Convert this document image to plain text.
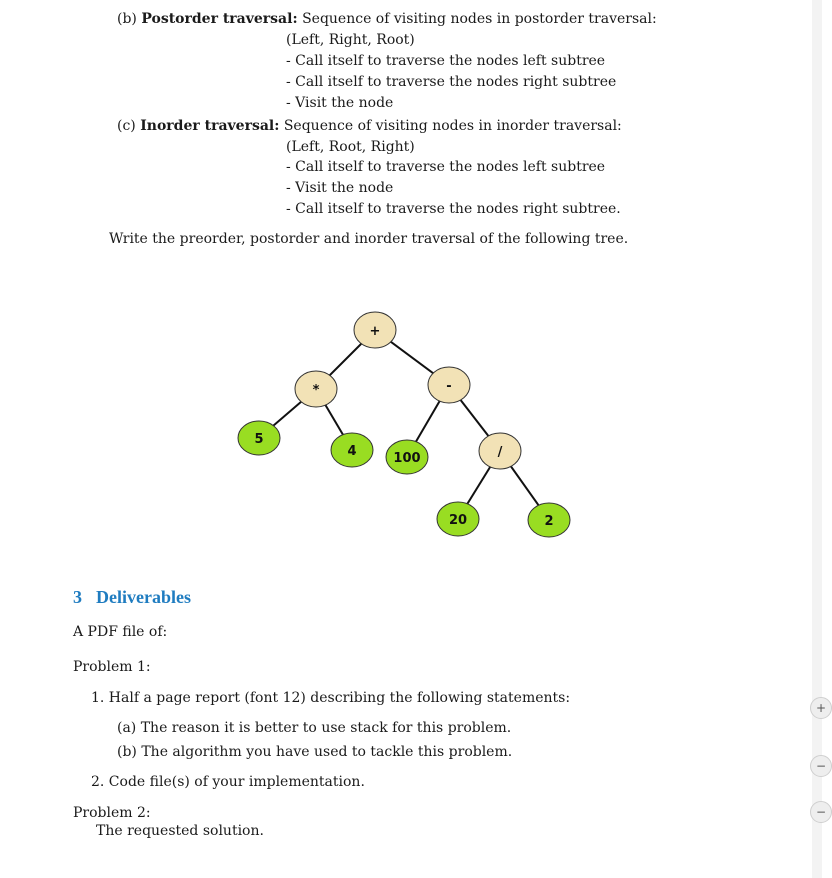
(b) Postorder traversal: Sequence of visiting nodes in postorder traversal:
(Left, Right, Root)
- Call itself to traverse the nodes left subtree
- Call itself to traverse the nodes right subtree
- Visit the node
(c) Inorder traversal: Sequence of visiting nodes in inorder traversal:
(Left, Root, Right)
- Call itself to traverse the nodes left subtree
- Visit the node
- Call itself to traverse the nodes right subtree.
Write the preorder, postorder and inorder traversal of the following tree.
+
*	-
5
4	100	/
20	2
3 Deliverables
A PDF file of:
Problem 1:
1. Half a page report (font 12) describing the following statements:
(a) The reason it is better to use stack for this problem.
(b) The algorithm you have used to tackle this problem.
2. Code file(s) of your implementation.
Problem 2:
The requested solution.
+
−
−
